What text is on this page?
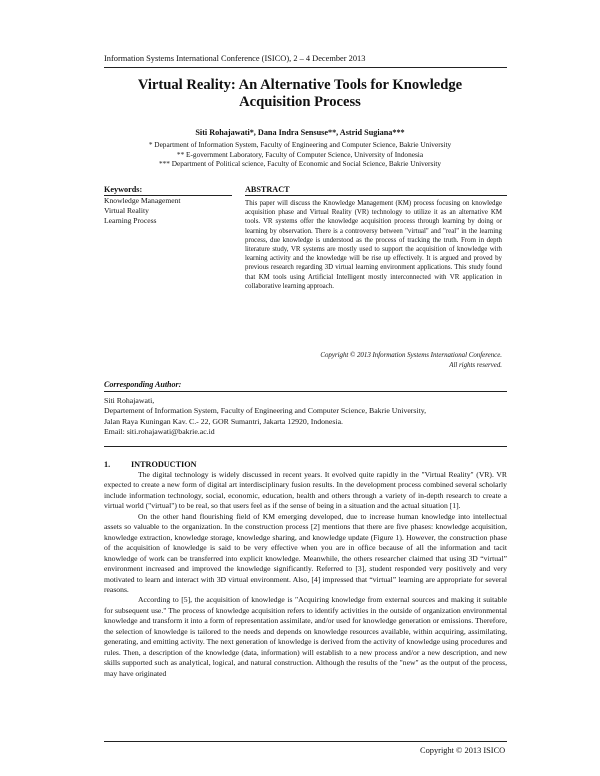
Information Systems International Conference (ISICO), 2 – 4 December 2013
Virtual Reality: An Alternative Tools for Knowledge
Acquisition Process
Siti Rohajawati*, Dana Indra Sensuse**, Astrid Sugiana***
* Department of Information System, Faculty of Engineering and Computer Science, Bakrie University
** E-government Laboratory, Faculty of Computer Science, University of Indonesia
*** Department of Political science, Faculty of Economic and Social Science, Bakrie University
Keywords:
Knowledge Management
Virtual Reality
Learning Process
ABSTRACT
This paper will discuss the Knowledge Management (KM) process focusing on knowledge acquisition phase and Virtual Reality (VR) technology to utilize it as an alternative KM tools. VR systems offer the knowledge acquisition process through learning by doing or learning by observation. There is a controversy between "virtual" and "real" in the learning process, due knowledge is understood as the process of tracking the truth. From in depth literature study, VR systems are mostly used to support the acquisition of knowledge with learning activity and the knowledge will be rise up effectively. It is argued and proved by previous research regarding 3D virtual learning environment applications. This study found that KM tools using Artificial Intelligent mostly interconnected with VR application in collaborative learning approach.
Copyright © 2013 Information Systems International Conference.
All rights reserved.
Corresponding Author:
Siti Rohajawati,
Departement of Information System, Faculty of Engineering and Computer Science, Bakrie University,
Jalan Raya Kuningan Kav. C.- 22, GOR Sumantri, Jakarta 12920, Indonesia.
Email: siti.rohajawati@bakrie.ac.id
1.	INTRODUCTION

The digital technology is widely discussed in recent years. It evolved quite rapidly in the "Virtual Reality" (VR). VR expected to create a new form of digital art interdisciplinary fusion results. In the development process combined several scholarly include information technology, social, economic, education, health and others through a variety of in-depth research to create a virtual world ("virtual") to be real, so that users feel as if the sense of being in a situation and the actual situation [1].

On the other hand flourishing field of KM emerging developed, due to increase human knowledge into intellectual assets so valuable to the organization. In the construction process [2] mentions that there are five phases: knowledge acquisition, knowledge extraction, knowledge storage, knowledge sharing, and knowledge update (Figure 1). However, the construction phase of the acquisition of knowledge is said to be very effective when you are in office because of all the information and tacit knowledge of work can be transferred into explicit knowledge. Meanwhile, the others researcher claimed that using 3D “virtual” environment increased and improved the knowledge significantly. Referred to [3], student responded very positively and very motivated to learn and interact with 3D virtual environment. Also, [4] impressed that “virtual” learning are appropriate for several reasons.

According to [5], the acquisition of knowledge is "Acquiring knowledge from external sources and making it suitable for subsequent use." The process of knowledge acquisition refers to identify activities in the outside of organization environmental knowledge and transform it into a form of representation assimilate, and/or used for knowledge generation or emissions. Therefore, the selection of knowledge is tailored to the needs and depends on knowledge resources available, within acquiring, assimilating, generating, and emitting activity. The next generation of knowledge is derived from the activity of knowledge using procedures and rules. Then, a description of the knowledge (data, information) will establish to a new process and/or a new description, and new skills supported such as analytical, logical, and natural construction. Although the results of the "new" as the output of the process, may have originated

Copyright © 2013 ISICO
